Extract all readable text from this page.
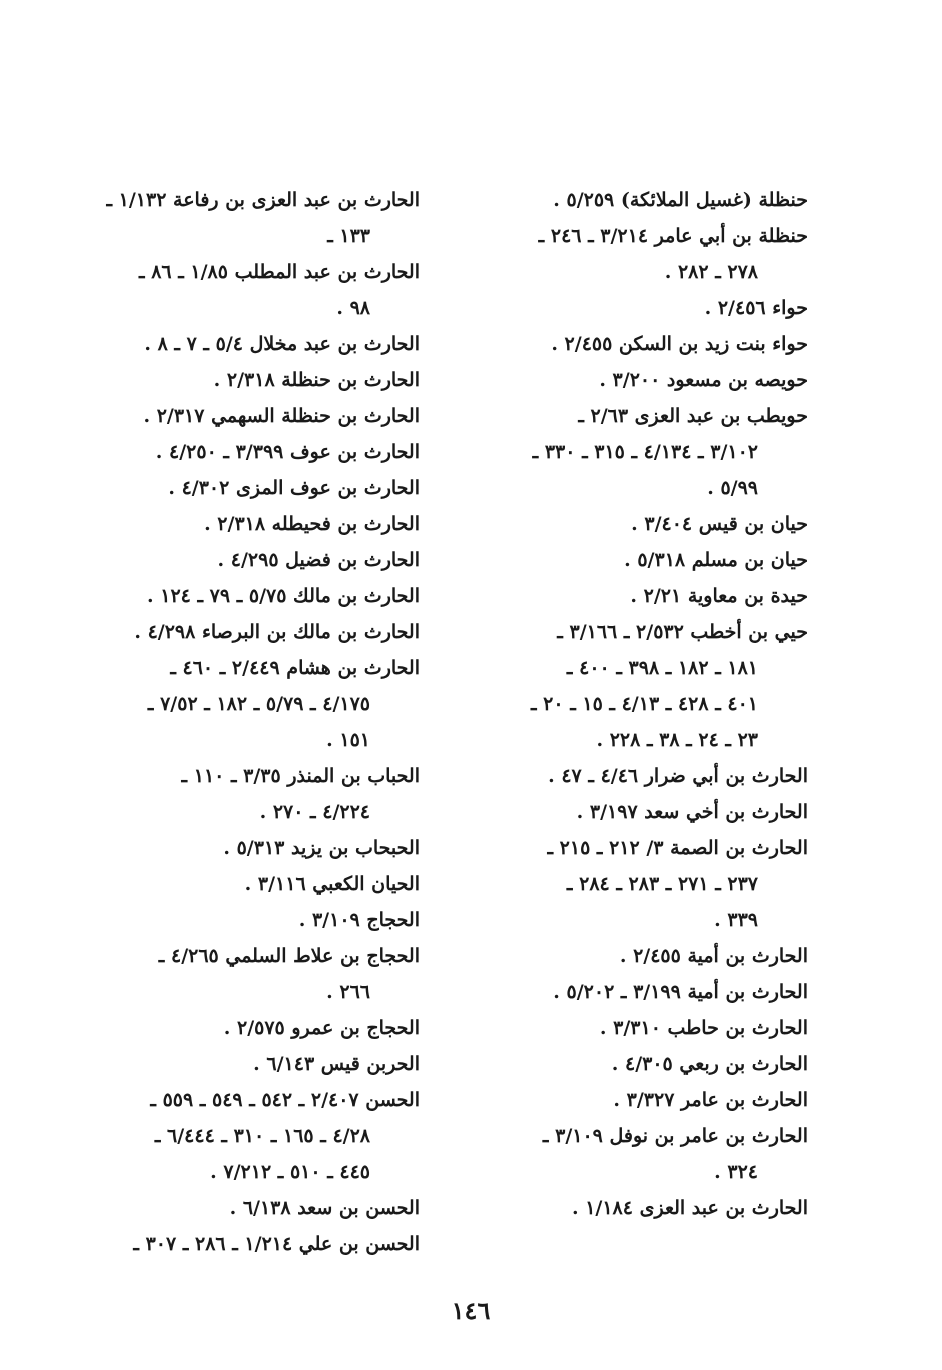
حنظلة (غسيل الملائكة) ٥/٢٥٩ .
حنظلة بن أبي عامر ٣/٢١٤ ـ ٢٤٦ ـ
٢٧٨ ـ ٢٨٢ .
حواء ٢/٤٥٦ .
حواء بنت زيد بن السكن ٢/٤٥٥ .
حويصه بن مسعود ٣/٢٠٠ .
حويطب بن عبد العزى ٢/٦٣ ـ
٣/١٠٢ ـ ٤/١٣٤ ـ ٣١٥ ـ ٣٣٠ ـ
٥/٩٩ .
حيان بن قيس ٣/٤٠٤ .
حيان بن مسلم ٥/٣١٨ .
حيدة بن معاوية ٢/٢١ .
حيي بن أخطب ٢/٥٣٢ ـ ٣/١٦٦ ـ
١٨١ ـ ١٨٢ ـ ٣٩٨ ـ ٤٠٠ ـ
٤٠١ ـ ٤٢٨ ـ ٤/١٣ ـ ١٥ ـ ٢٠ ـ
٢٣ ـ ٢٤ ـ ٣٨ ـ ٢٢٨ .
الحارث بن أبي ضرار ٤/٤٦ ـ ٤٧ .
الحارث بن أخي سعد ٣/١٩٧ .
الحارث بن الصمة ٣/ ٢١٢ ـ ٢١٥ ـ
٢٣٧ ـ ٢٧١ ـ ٢٨٣ ـ ٢٨٤ ـ
٣٣٩ .
الحارث بن أمية ٢/٤٥٥ .
الحارث بن أمية ٣/١٩٩ ـ ٥/٢٠٢ .
الحارث بن حاطب ٣/٣١٠ .
الحارث بن ربعي ٤/٣٠٥ .
الحارث بن عامر ٣/٣٢٧ .
الحارث بن عامر بن نوفل ٣/١٠٩ ـ
٣٢٤ .
الحارث بن عبد العزى ١/١٨٤ .
الحارث بن عبد العزى بن رفاعة ١/١٣٢ ـ
١٣٣ ـ
الحارث بن عبد المطلب ١/٨٥ ـ ٨٦ ـ
٩٨ .
الحارث بن عبد مخلال ٥/٤ ـ ٧ ـ ٨ .
الحارث بن حنظلة ٢/٣١٨ .
الحارث بن حنظلة السهمي ٢/٣١٧ .
الحارث بن عوف ٣/٣٩٩ ـ ٤/٢٥٠ .
الحارث بن عوف المزى ٤/٣٠٢ .
الحارث بن فحيطله ٢/٣١٨ .
الحارث بن فضيل ٤/٢٩٥ .
الحارث بن مالك ٥/٧٥ ـ ٧٩ ـ ١٢٤ .
الحارث بن مالك بن البرصاء ٤/٢٩٨ .
الحارث بن هشام ٢/٤٤٩ ـ ٤٦٠ ـ
٤/١٧٥ ـ ٥/٧٩ ـ ١٨٢ ـ ٧/٥٢ ـ
١٥١ .
الحباب بن المنذر ٣/٣٥ ـ ١١٠ ـ
٤/٢٢٤ ـ ٢٧٠ .
الحبحاب بن يزيد ٥/٣١٣ .
الحيان الكعبي ٣/١١٦ .
الحجاج ٣/١٠٩ .
الحجاج بن علاط السلمي ٤/٢٦٥ ـ
٢٦٦ .
الحجاج بن عمرو ٢/٥٧٥ .
الحربن قيس ٦/١٤٣ .
الحسن ٢/٤٠٧ ـ ٥٤٢ ـ ٥٤٩ ـ ٥٥٩ ـ
٤/٢٨ ـ ١٦٥ ـ ٣١٠ ـ ٦/٤٤٤ ـ
٤٤٥ ـ ٥١٠ ـ ٧/٢١٢ .
الحسن بن سعد ٦/١٣٨ .
الحسن بن علي ١/٢١٤ ـ ٢٨٦ ـ ٣٠٧ ـ
١٤٦
